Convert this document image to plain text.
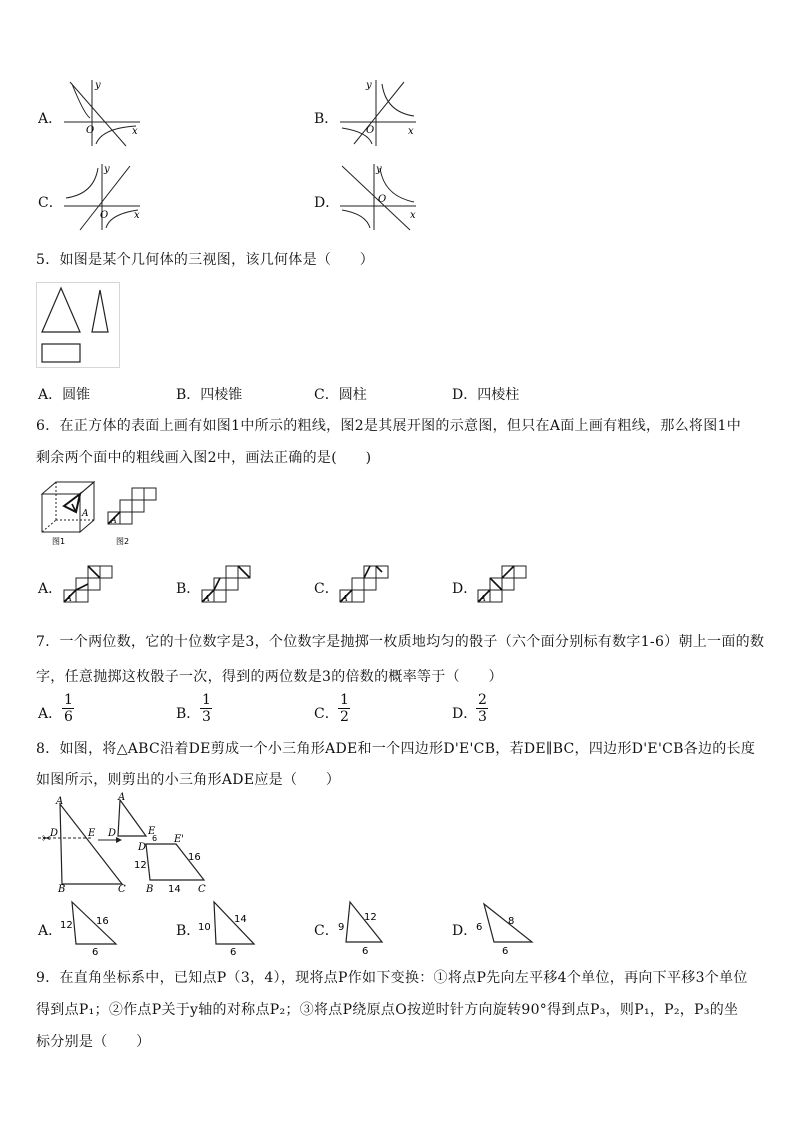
A．
y
O	x
B．
y
O	x
C．
y
O	x
D．
y
O
x
5．如图是某个几何体的三视图，该几何体是（　　）
A．圆锥	B．四棱锥	C．圆柱	D．四棱柱
6．在正方体的表面上画有如图1中所示的粗线，图2是其展开图的示意图，但只在A面上画有粗线，那么将图1中
剩余两个面中的粗线画入图2中，画法正确的是(　　)
A
图1
A
图2
A．
A
B．
A
C．
A
D．
A
7．一个两位数，它的十位数字是3，个位数字是抛掷一枚质地均匀的骰子（六个面分别标有数字1-6）朝上一面的数
字，任意抛掷这枚骰子一次，得到的两位数是3的倍数的概率等于（　　）
A．
1
6	B．
1
3	C．
1
2	D．
2
3
8．如图，将△ABC沿着DE剪成一个小三角形ADE和一个四边形D'E'CB，若DE∥BC，四边形D'E'CB各边的长度
如图所示，则剪出的小三角形ADE应是（　　）
✂
A
D	E
B	C
A
D	E
6
D
E'
12
16
14
B	C
A．
12 16
6
B．
10
14
6
C． 9
12
6
D．
6
8
6
9．在直角坐标系中，已知点P（3，4），现将点P作如下变换：①将点P先向左平移4个单位，再向下平移3个单位
得到点P₁；②作点P关于y轴的对称点P₂；③将点P绕原点O按逆时针方向旋转90°得到点P₃，则P₁，P₂，P₃的坐
标分别是（　　）
